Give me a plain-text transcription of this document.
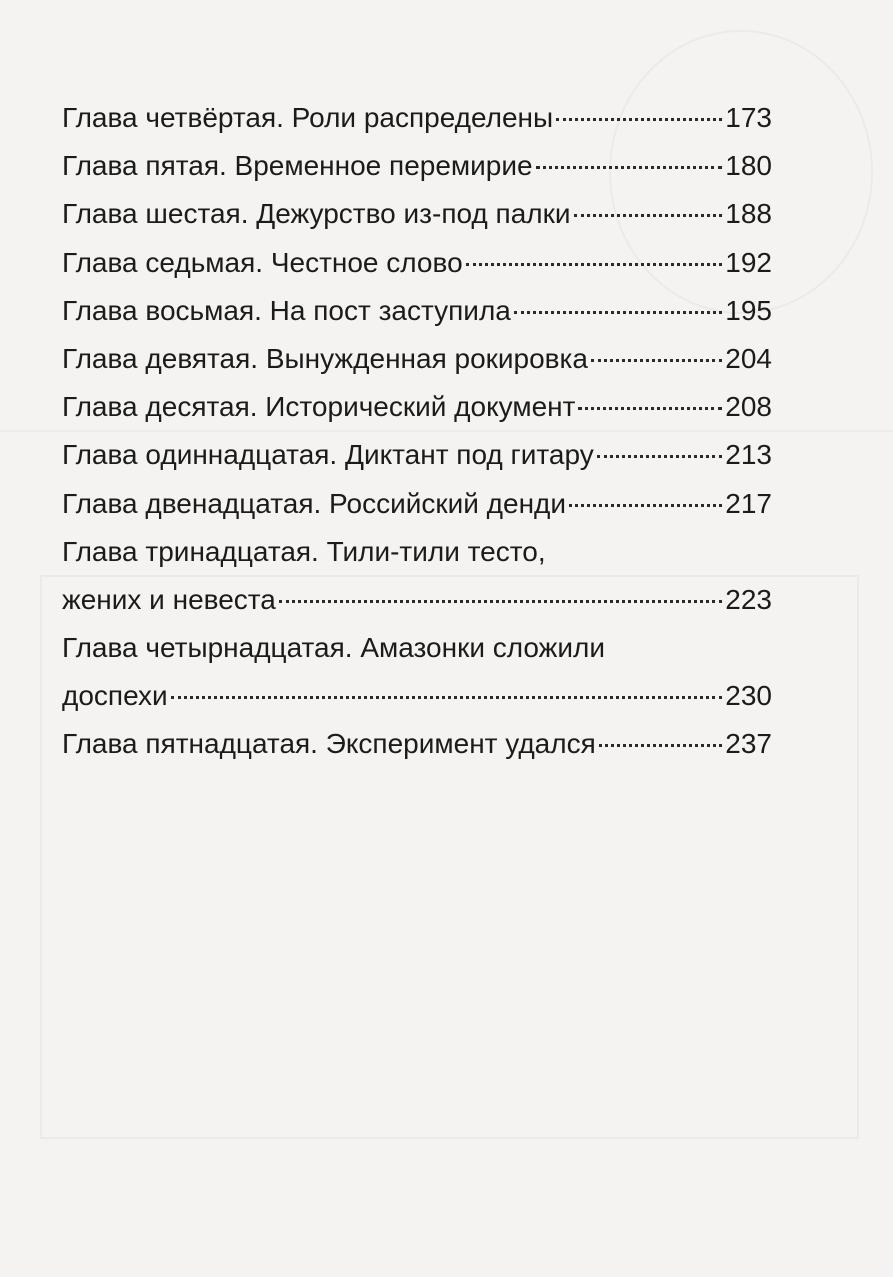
Глава четвёртая. Роли распределены	173
Глава пятая. Временное перемирие	180
Глава шестая. Дежурство из-под палки	188
Глава седьмая. Честное слово	192
Глава восьмая. На пост заступила	195
Глава девятая. Вынужденная рокировка	204
Глава десятая. Исторический документ	208
Глава одиннадцатая. Диктант под гитару	213
Глава двенадцатая. Российский денди	217
Глава тринадцатая. Тили-тили тесто,
жених и невеста	223
Глава четырнадцатая. Амазонки сложили
доспехи	230
Глава пятнадцатая. Эксперимент удался	237
